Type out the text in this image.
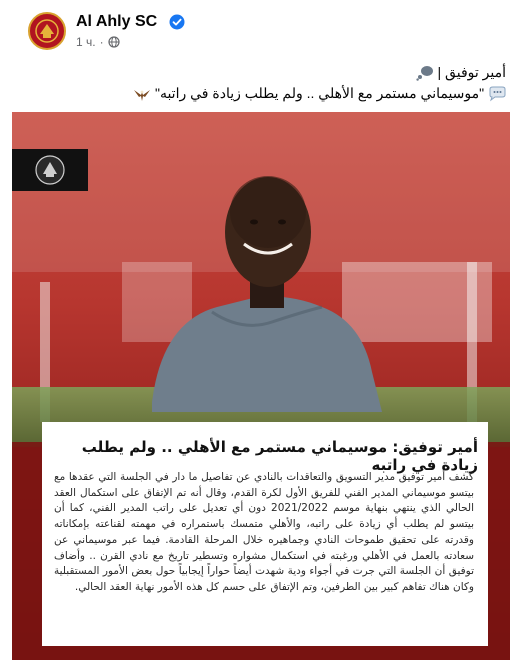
Al Ahly SC
1 ч. ·
أمير توفيق |
"موسيماني مستمر مع الأهلي .. ولم يطلب زيادة في راتبه"
أمير توفيق: موسيماني مستمر مع الأهلي .. ولم يطلب زيادة في راتبه
كشف أمير توفيق مدير التسويق والتعاقدات بالنادي عن تفاصيل ما دار في الجلسة التي عقدها مع بيتسو موسيماني المدير الفني للفريق الأول لكرة القدم، وقال أنه تم الإتفاق على استكمال العقد الحالي الذي ينتهي بنهاية موسم 2021/2022 دون أي تعديل على راتب المدير الفني، كما أن بيتسو لم يطلب أي زيادة على راتبه، والأهلي متمسك باستمراره في مهمته لقناعته بإمكاناته وقدرته على تحقيق طموحات النادي وجماهيره خلال المرحلة القادمة. فيما عبر موسيماني عن سعادته بالعمل في الأهلي ورغبته في استكمال مشواره وتسطير تاريخ مع نادي القرن .. وأضاف توفيق أن الجلسة التي جرت في أجواء ودية شهدت أيضاً حواراً إيجابياً حول بعض الأمور المستقبلية وكان هناك تفاهم كبير بين الطرفين، وتم الإتفاق على حسم كل هذه الأمور نهاية العقد الحالي.
